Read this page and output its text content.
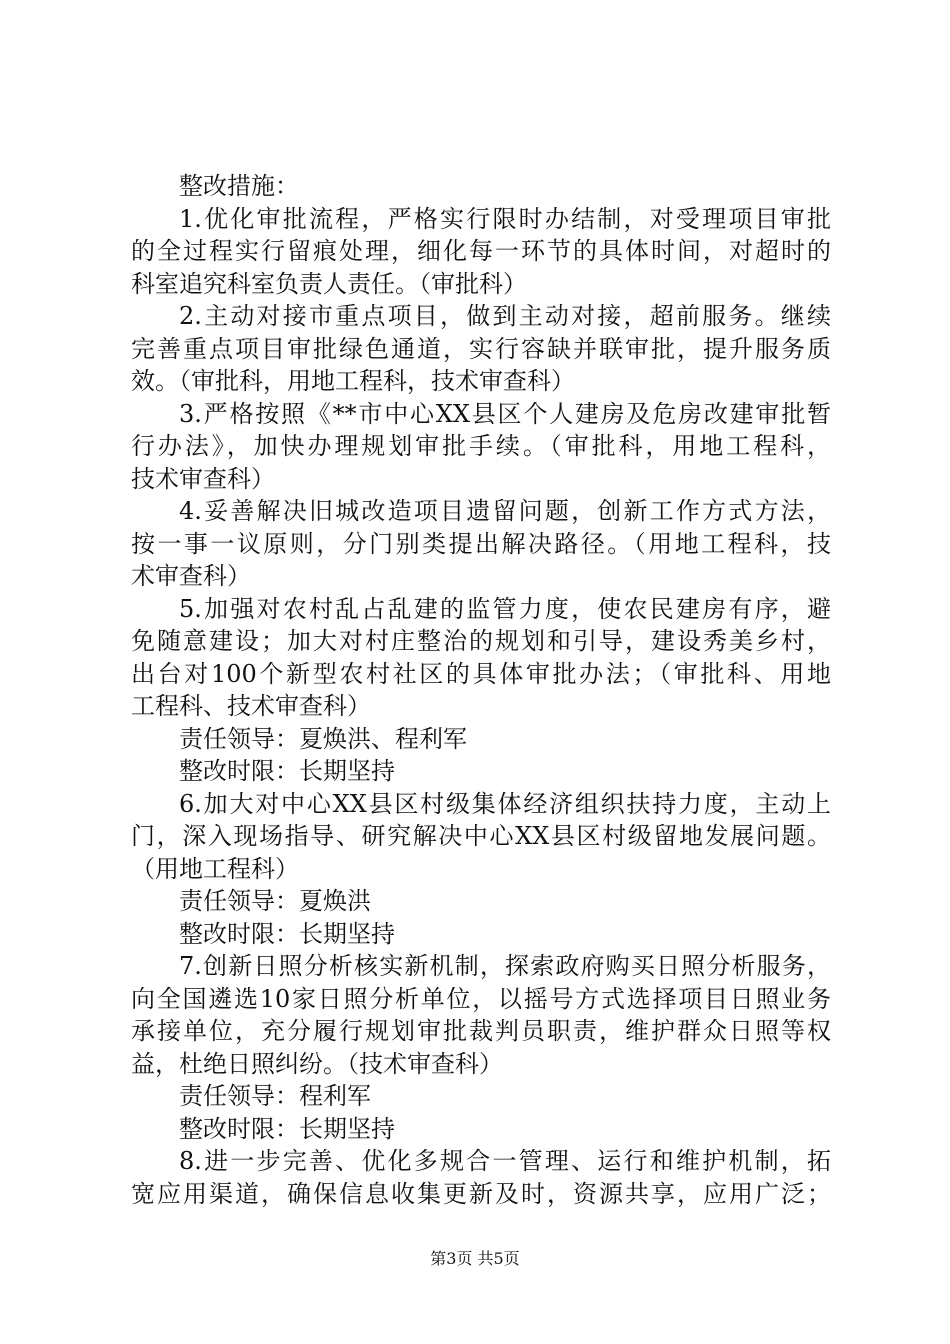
整改措施：
1.优化审批流程，严格实行限时办结制，对受理项目审批
的全过程实行留痕处理，细化每一环节的具体时间，对超时的
科室追究科室负责人责任。（审批科）
2.主动对接市重点项目，做到主动对接，超前服务。继续
完善重点项目审批绿色通道，实行容缺并联审批，提升服务质
效。（审批科，用地工程科，技术审查科）
3.严格按照《**市中心XX县区个人建房及危房改建审批暂
行办法》，加快办理规划审批手续。（审批科，用地工程科，
技术审查科）
4.妥善解决旧城改造项目遗留问题，创新工作方式方法，
按一事一议原则，分门别类提出解决路径。（用地工程科，技
术审查科）
5.加强对农村乱占乱建的监管力度，使农民建房有序，避
免随意建设；加大对村庄整治的规划和引导，建设秀美乡村，
出台对100个新型农村社区的具体审批办法；（审批科、用地
工程科、技术审查科）
责任领导：夏焕洪、程利军
整改时限：长期坚持
6.加大对中心XX县区村级集体经济组织扶持力度，主动上
门，深入现场指导、研究解决中心XX县区村级留地发展问题。
（用地工程科）
责任领导：夏焕洪
整改时限：长期坚持
7.创新日照分析核实新机制，探索政府购买日照分析服务，
向全国遴选10家日照分析单位，以摇号方式选择项目日照业务
承接单位，充分履行规划审批裁判员职责，维护群众日照等权
益，杜绝日照纠纷。（技术审查科）
责任领导：程利军
整改时限：长期坚持
8.进一步完善、优化多规合一管理、运行和维护机制，拓
宽应用渠道，确保信息收集更新及时，资源共享，应用广泛；
第3页 共5页
